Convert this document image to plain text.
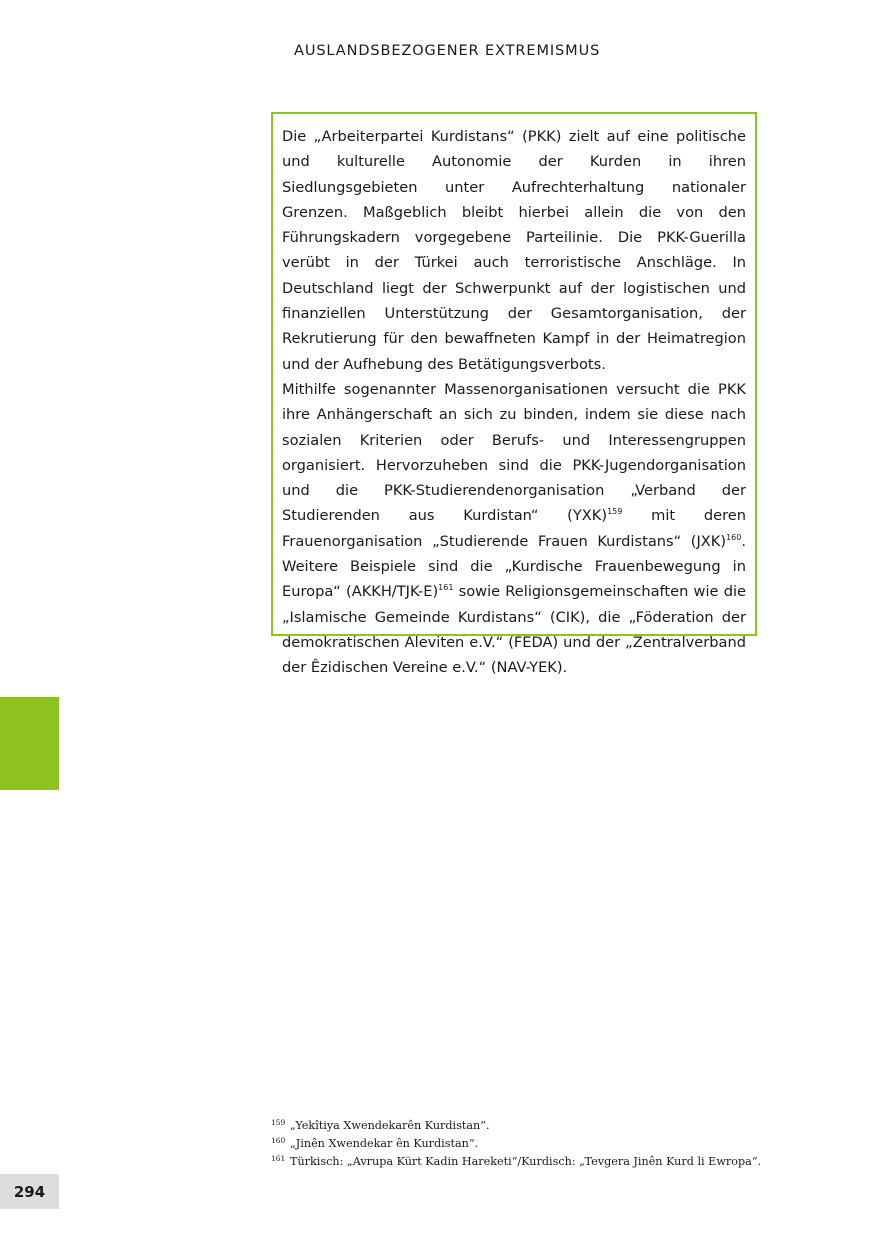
AUSLANDSBEZOGENER EXTREMISMUS

Die „Arbeiterpartei Kurdistans“ (PKK) zielt auf eine politische und kulturelle Autonomie der Kurden in ihren Siedlungsgebieten unter Aufrechterhaltung nationaler Grenzen. Maßgeblich bleibt hierbei allein die von den Führungskadern vorgegebene Parteilinie. Die PKK-Guerilla verübt in der Türkei auch terroristische Anschläge. In Deutschland liegt der Schwerpunkt auf der logistischen und finanziellen Unterstützung der Gesamtorganisation, der Rekrutierung für den bewaffneten Kampf in der Heimatregion und der Aufhebung des Betätigungsverbots.

Mithilfe sogenannter Massenorganisationen versucht die PKK ihre Anhängerschaft an sich zu binden, indem sie diese nach sozialen Kriterien oder Berufs- und Interessengruppen organisiert. Hervorzuheben sind die PKK-Jugendorganisation und die PKK-Studierendenorganisation „Verband der Studierenden aus Kurdistan“ (YXK)$^{159}$ mit deren Frauenorganisation „Studierende Frauen Kurdistans“ (JXK)$^{160}$. Weitere Beispiele sind die „Kurdische Frauenbewegung in Europa“ (AKKH/TJK-E)$^{161}$ sowie Religionsgemeinschaften wie die „Islamische Gemeinde Kurdistans“ (CIK), die „Föderation der demokratischen Aleviten e.V.“ (FEDA) und der „Zentralverband der Êzidischen Vereine e.V.“ (NAV-YEK).

159 „Yekîtiya Xwendekarên Kurdistan“.
160 „Jinên Xwendekar ên Kurdistan“.
161 Türkisch: „Avrupa Kürt Kadin Hareketi“/Kurdisch: „Tevgera Jinên Kurd li Ewropa“.
294
